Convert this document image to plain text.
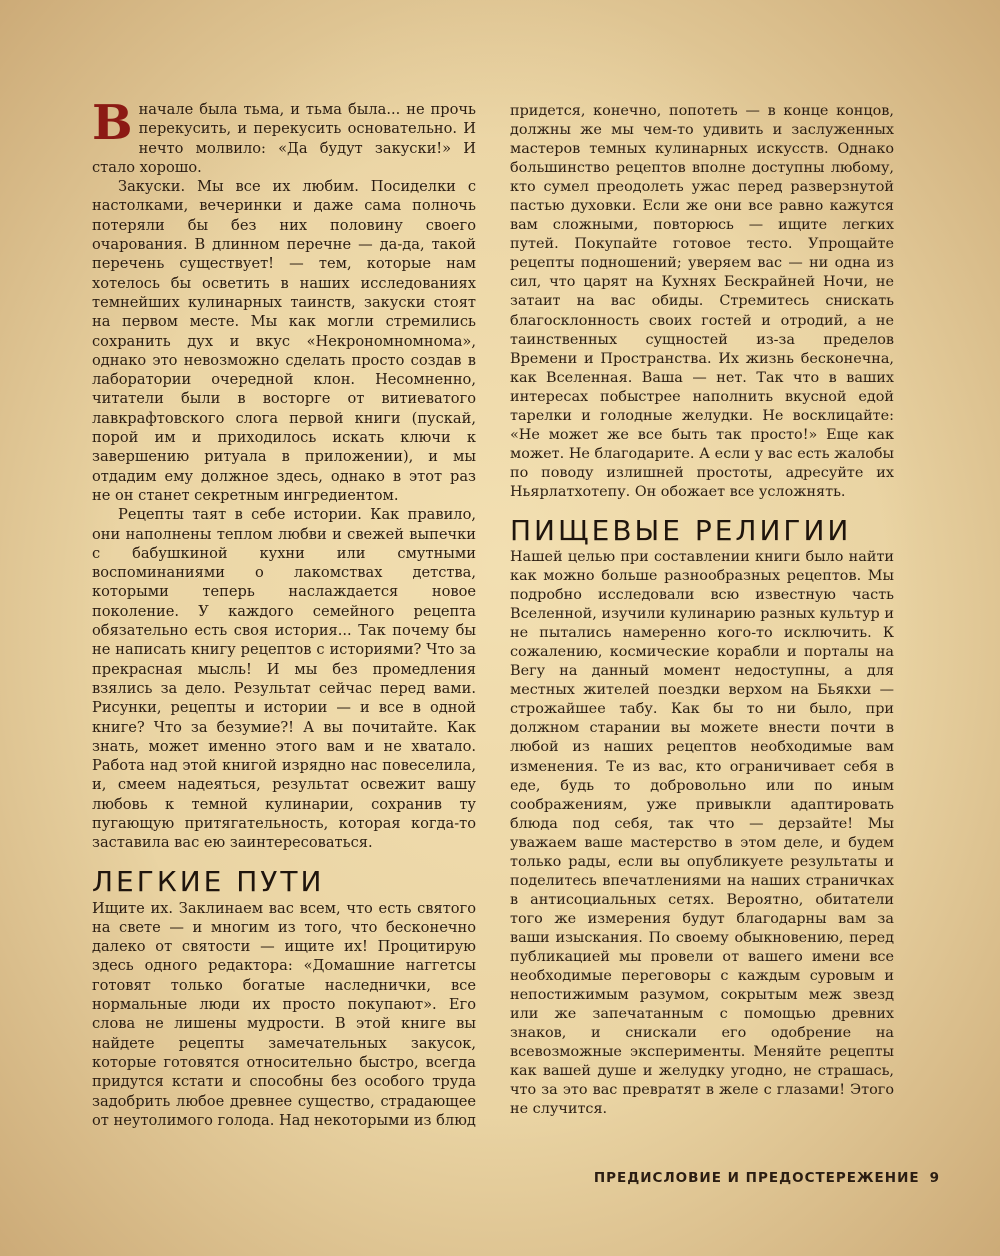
Вначале была тьма, и тьма была... не прочь перекусить, и перекусить основательно. И нечто молвило: «Да будут закуски!» И стало хорошо.

Закуски. Мы все их любим. Посиделки с настолками, вечеринки и даже сама полночь потеряли бы без них половину своего очарования. В длинном перечне — да-да, такой перечень существует! — тем, которые нам хотелось бы осветить в наших исследованиях темнейших кулинарных таинств, закуски стоят на первом месте. Мы как могли стремились сохранить дух и вкус «Некрономномнома», однако это невозможно сделать просто создав в лаборатории очередной клон. Несомненно, читатели были в восторге от витиеватого лавкрафтовского слога первой книги (пускай, порой им и приходилось искать ключи к завершению ритуала в приложении), и мы отдадим ему должное здесь, однако в этот раз не он станет секретным ингредиентом.

Рецепты таят в себе истории. Как правило, они наполнены теплом любви и свежей выпечки с бабушкиной кухни или смутными воспоминаниями о лакомствах детства, которыми теперь наслаждается новое поколение. У каждого семейного рецепта обязательно есть своя история... Так почему бы не написать книгу рецептов с историями? Что за прекрасная мысль! И мы без промедления взялись за дело. Результат сейчас перед вами. Рисунки, рецепты и истории — и все в одной книге? Что за безумие?! А вы почитайте. Как знать, может именно этого вам и не хватало. Работа над этой книгой изрядно нас повеселила, и, смеем надеяться, результат освежит вашу любовь к темной кулинарии, сохранив ту пугающую притягательность, которая когда-то заставила вас ею заинтересоваться.

ЛЕГКИЕ ПУТИ

Ищите их. Заклинаем вас всем, что есть святого на свете — и многим из того, что бесконечно далеко от святости — ищите их! Процитирую здесь одного редактора: «Домашние наггетсы готовят только богатые наследнички, все нормальные люди их просто покупают». Его слова не лишены мудрости. В этой книге вы найдете рецепты замечательных закусок, которые готовятся относительно быстро, всегда придутся кстати и способны без особого труда задобрить любое древнее существо, страдающее от неутолимого голода. Над некоторыми из блюд

придется, конечно, попотеть — в конце концов, должны же мы чем-то удивить и заслуженных мастеров темных кулинарных искусств. Однако большинство рецептов вполне доступны любому, кто сумел преодолеть ужас перед разверзнутой пастью духовки. Если же они все равно кажутся вам сложными, повторюсь — ищите легких путей. Покупайте готовое тесто. Упрощайте рецепты подношений; уверяем вас — ни одна из сил, что царят на Кухнях Бескрайней Ночи, не затаит на вас обиды. Стремитесь снискать благосклонность своих гостей и отродий, а не таинственных сущностей из-за пределов Времени и Пространства. Их жизнь бесконечна, как Вселенная. Ваша — нет. Так что в ваших интересах побыстрее наполнить вкусной едой тарелки и голодные желудки. Не восклицайте: «Не может же все быть так просто!» Еще как может. Не благодарите. А если у вас есть жалобы по поводу излишней простоты, адресуйте их Ньярлатхотепу. Он обожает все усложнять.

ПИЩЕВЫЕ РЕЛИГИИ

Нашей целью при составлении книги было найти как можно больше разнообразных рецептов. Мы подробно исследовали всю известную часть Вселенной, изучили кулинарию разных культур и не пытались намеренно кого-то исключить. К сожалению, космические корабли и порталы на Вегу на данный момент недоступны, а для местных жителей поездки верхом на Бьякхи — строжайшее табу. Как бы то ни было, при должном старании вы можете внести почти в любой из наших рецептов необходимые вам изменения. Те из вас, кто ограничивает себя в еде, будь то добровольно или по иным соображениям, уже привыкли адаптировать блюда под себя, так что — дерзайте! Мы уважаем ваше мастерство в этом деле, и будем только рады, если вы опубликуете результаты и поделитесь впечатлениями на наших страничках в антисоциальных сетях. Вероятно, обитатели того же измерения будут благодарны вам за ваши изыскания. По своему обыкновению, перед публикацией мы провели от вашего имени все необходимые переговоры с каждым суровым и непостижимым разумом, сокрытым меж звезд или же запечатанным с помощью древних знаков, и снискали его одобрение на всевозможные эксперименты. Меняйте рецепты как вашей душе и желудку угодно, не страшась, что за это вас превратят в желе с глазами! Этого не случится.

ПРЕДИСЛОВИЕ И ПРЕДОСТЕРЕЖЕНИЕ 9
